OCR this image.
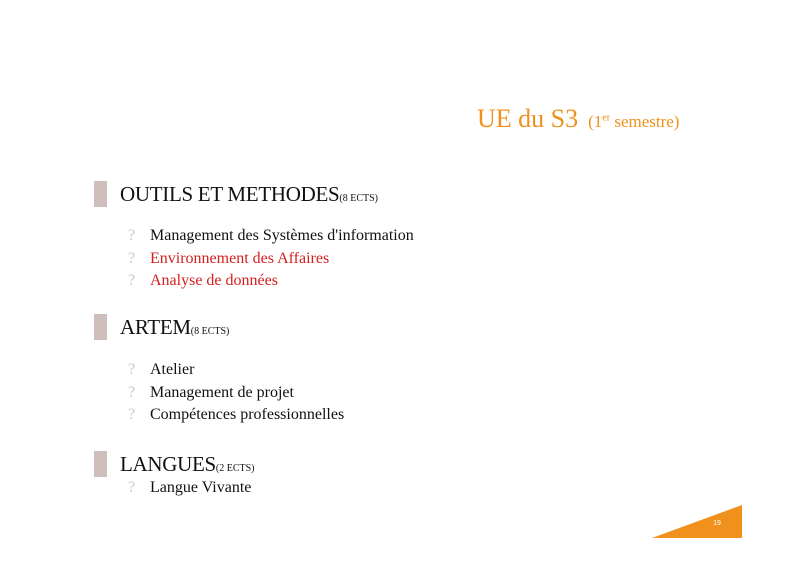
UE du S3 (1er semestre)
OUTILS ET METHODES(8 ECTS)
? Management des Systèmes d'information
? Environnement des Affaires
? Analyse de données
ARTEM(8 ECTS)
? Atelier
? Management de projet
? Compétences professionnelles
LANGUES(2 ECTS)
? Langue Vivante
19
